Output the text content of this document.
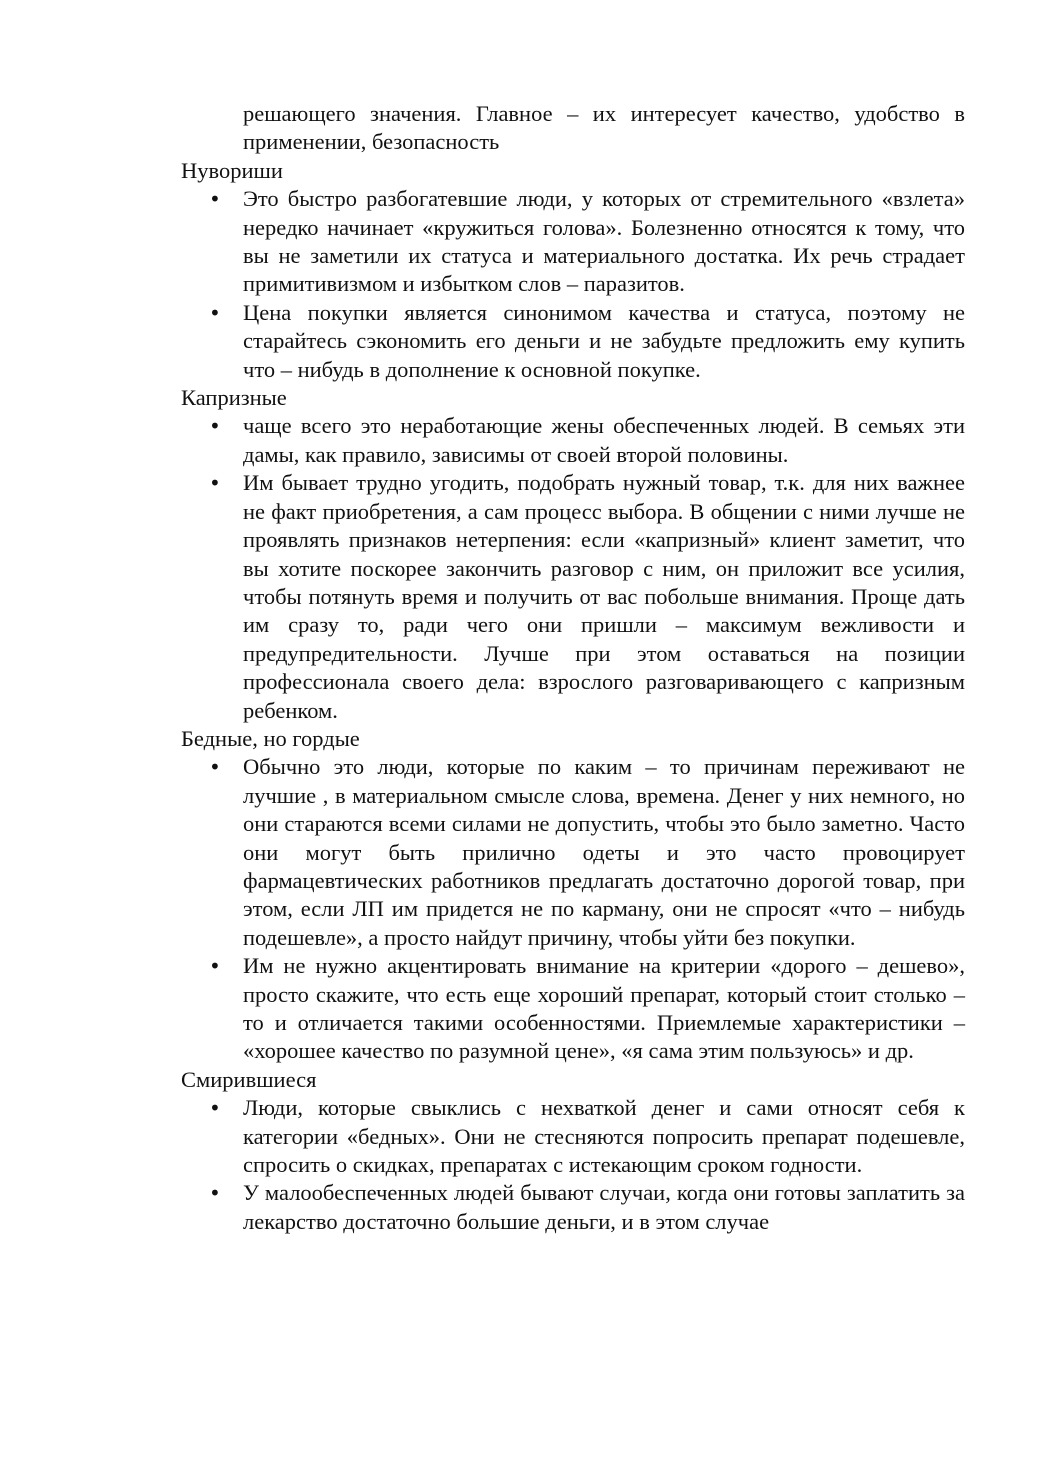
решающего значения. Главное – их интересует качество, удобство в применении, безопасность
Нувориши
• Это быстро разбогатевшие люди, у которых от стремительного «взлета» нередко начинает «кружиться голова». Болезненно относятся к тому, что вы не заметили их статуса и материального достатка. Их речь страдает примитивизмом и избытком слов – паразитов.
• Цена покупки является синонимом качества и статуса, поэтому не старайтесь сэкономить его деньги и не забудьте предложить ему купить что – нибудь в дополнение к основной покупке.
Капризные
• чаще всего это неработающие жены обеспеченных людей. В семьях эти дамы, как правило, зависимы от своей второй половины.
• Им бывает трудно угодить, подобрать нужный товар, т.к. для них важнее не факт приобретения, а сам процесс выбора. В общении с ними лучше не проявлять признаков нетерпения: если «капризный» клиент заметит, что вы хотите поскорее закончить разговор с ним, он приложит все усилия, чтобы потянуть время и получить от вас побольше внимания. Проще дать им сразу то, ради чего они пришли – максимум вежливости и предупредительности. Лучше при этом оставаться на позиции профессионала своего дела: взрослого разговаривающего с капризным ребенком.
Бедные, но гордые
• Обычно это люди, которые по каким – то причинам переживают не лучшие , в материальном смысле слова, времена. Денег у них немного, но они стараются всеми силами не допустить, чтобы это было заметно. Часто они могут быть прилично одеты и это часто провоцирует фармацевтических работников предлагать достаточно дорогой товар, при этом, если ЛП им придется не по карману, они не спросят «что – нибудь подешевле», а просто найдут причину, чтобы уйти без покупки.
• Им не нужно акцентировать внимание на критерии «дорого – дешево», просто скажите, что есть еще хороший препарат, который стоит столько – то и отличается такими особенностями. Приемлемые характеристики – «хорошее качество по разумной цене», «я сама этим пользуюсь» и др.
Смирившиеся
• Люди, которые свыклись с нехваткой денег и сами относят себя к категории «бедных». Они не стесняются попросить препарат подешевле, спросить о скидках, препаратах с истекающим сроком годности.
• У малообеспеченных людей бывают случаи, когда они готовы заплатить за лекарство достаточно большие деньги, и в этом случае
